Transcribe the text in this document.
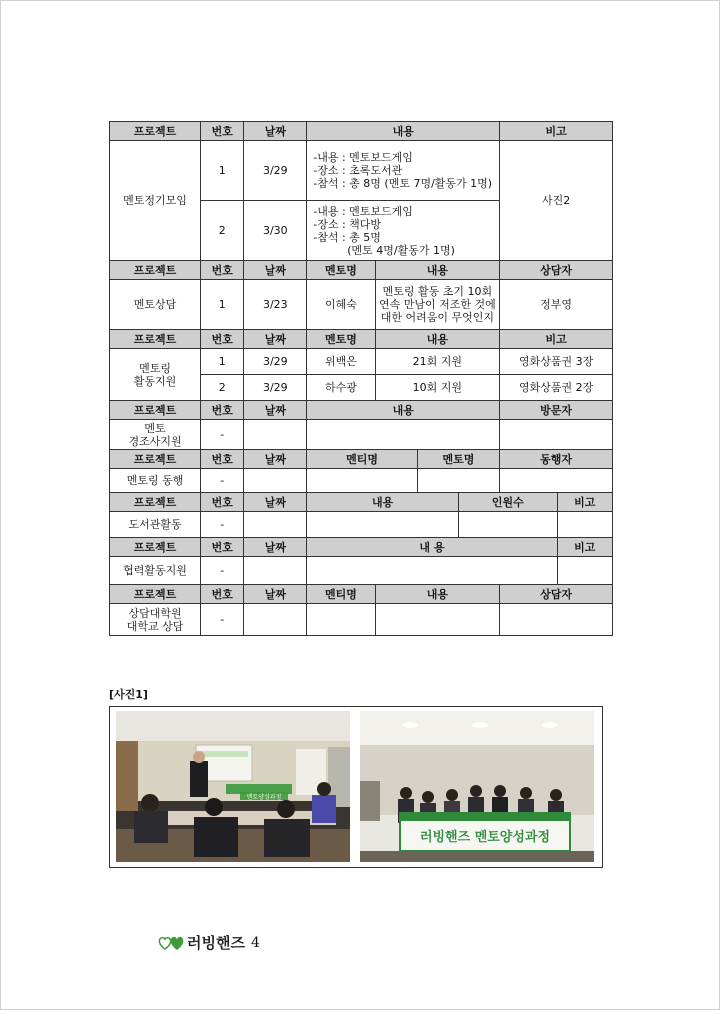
프로젝트	번호	날짜	내용				비고	
멘토정기모임	1	3/29	-내용 : 멘토보드게임
-장소 : 초록도서관
-참석 : 총 8명 (멘토 7명/활동가 1명)				사진2	
	2	3/30	-내용 : 멘토보드게임
-장소 : 책다방
-참석 : 총 5명
(멘토 4명/활동가 1명)					

프로젝트	번호	날짜	멘토명	내용			상담자	
멘토상담	1	3/23	이혜숙	멘토링 활동 초기 10회
연속 만남이 저조한 것에
대한 어려움이 무엇인지			정부영	
프로젝트	번호	날짜	멘토명	내용			비고	

멘토링
활동지원	1	3/29	위백은	21회 지원			영화상품권 3장	
	2	3/29	하수광	10회 지원			영화상품권 2장	
프로젝트	번호	날짜	내용				방문자	

멘토
경조사지원	-							
프로젝트	번호	날짜	멘티명		멘토명		동행자	
멘토링 동행	-							
프로젝트	번호	날짜	내용			인원수		비고
도서관활동	-							
프로젝트	번호	날짜	내 용					비고
협력활동지원	-							
프로젝트	번호	날짜	멘티명	내용			상담자	

상담대학원
대학교 상담	-							
[사진1]
멘토양성과정
러빙핸즈 멘토양성과정
러빙핸즈 4
